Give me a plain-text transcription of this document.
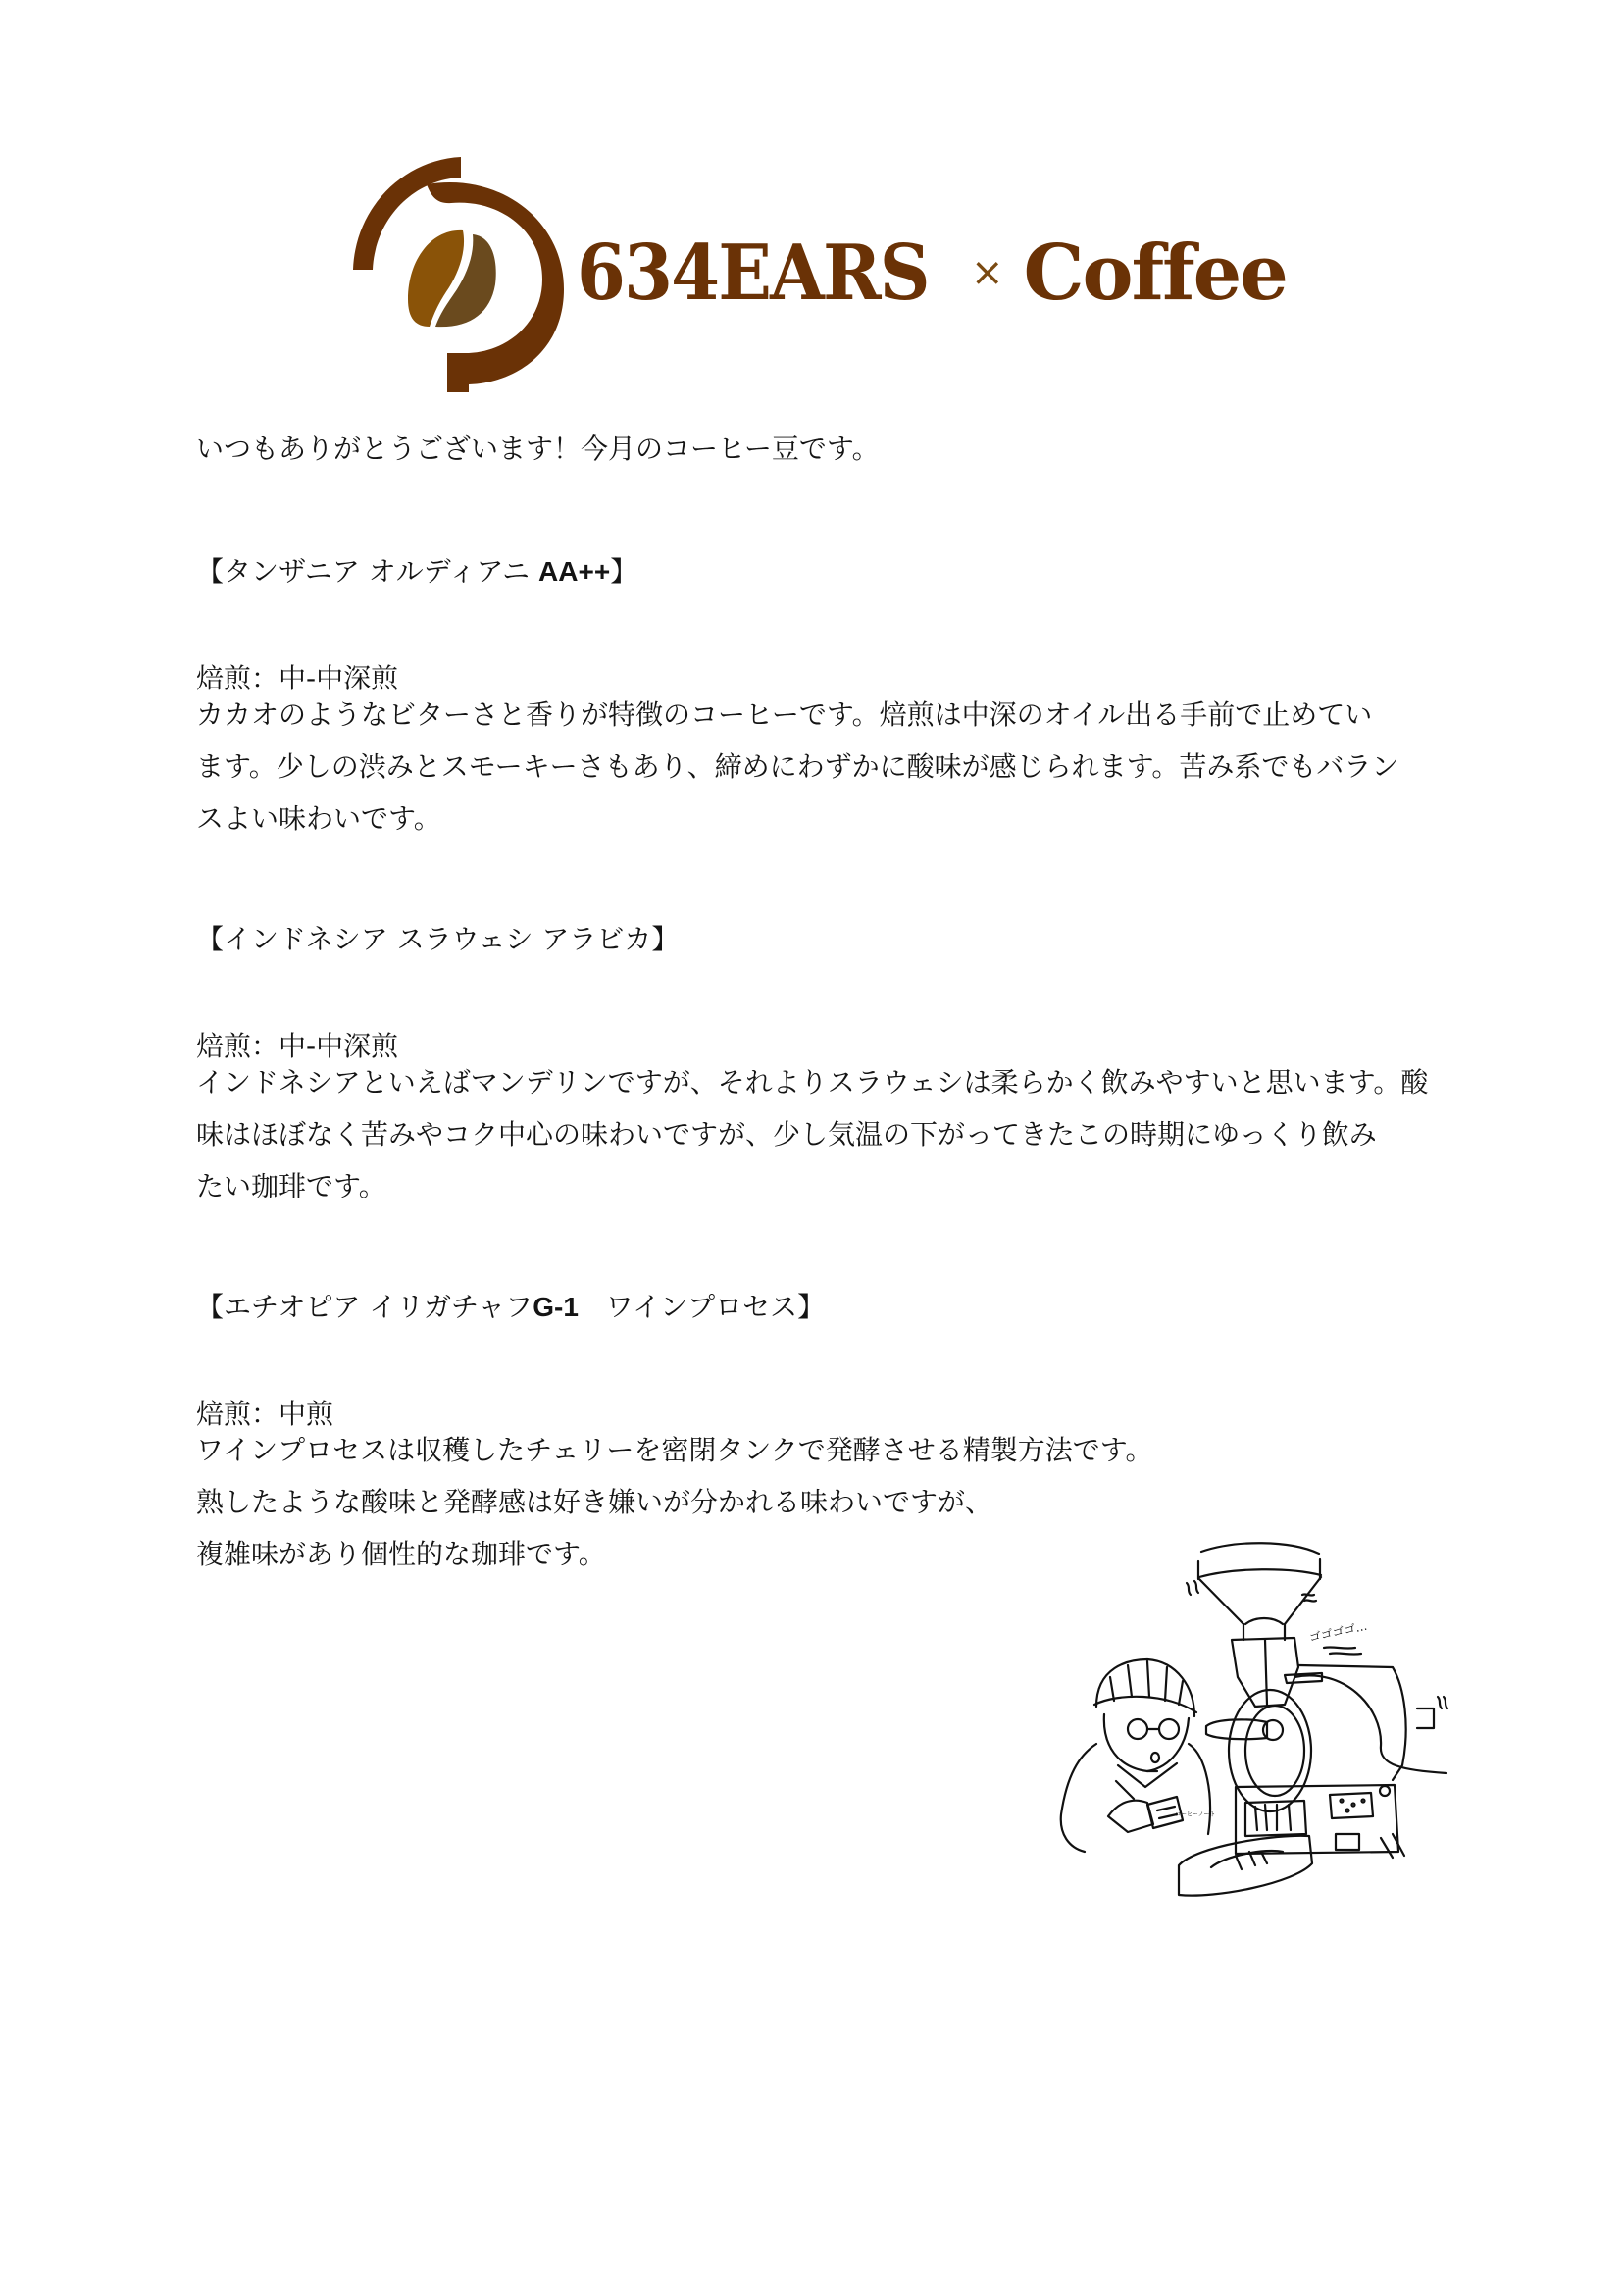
634EARS × Coffee
いつもありがとうございます！今月のコーヒー豆です。
【タンザニア オルディアニ AA++】
焙煎：中-中深煎
カカオのようなビターさと香りが特徴のコーヒーです。焙煎は中深のオイル出る手前で止めてい
ます。少しの渋みとスモーキーさもあり、締めにわずかに酸味が感じられます。苦み系でもバラン
スよい味わいです。
【インドネシア スラウェシ アラビカ】
焙煎：中-中深煎
インドネシアといえばマンデリンですが、それよりスラウェシは柔らかく飲みやすいと思います。酸
味はほぼなく苦みやコク中心の味わいですが、少し気温の下がってきたこの時期にゆっくり飲み
たい珈琲です。
【エチオピア イリガチャフG-1　ワインプロセス】
焙煎：中煎
ワインプロセスは収穫したチェリーを密閉タンクで発酵させる精製方法です。
熟したような酸味と発酵感は好き嫌いが分かれる味わいですが、
複雑味があり個性的な珈琲です。
コーヒーノート
ゴゴゴゴ…
